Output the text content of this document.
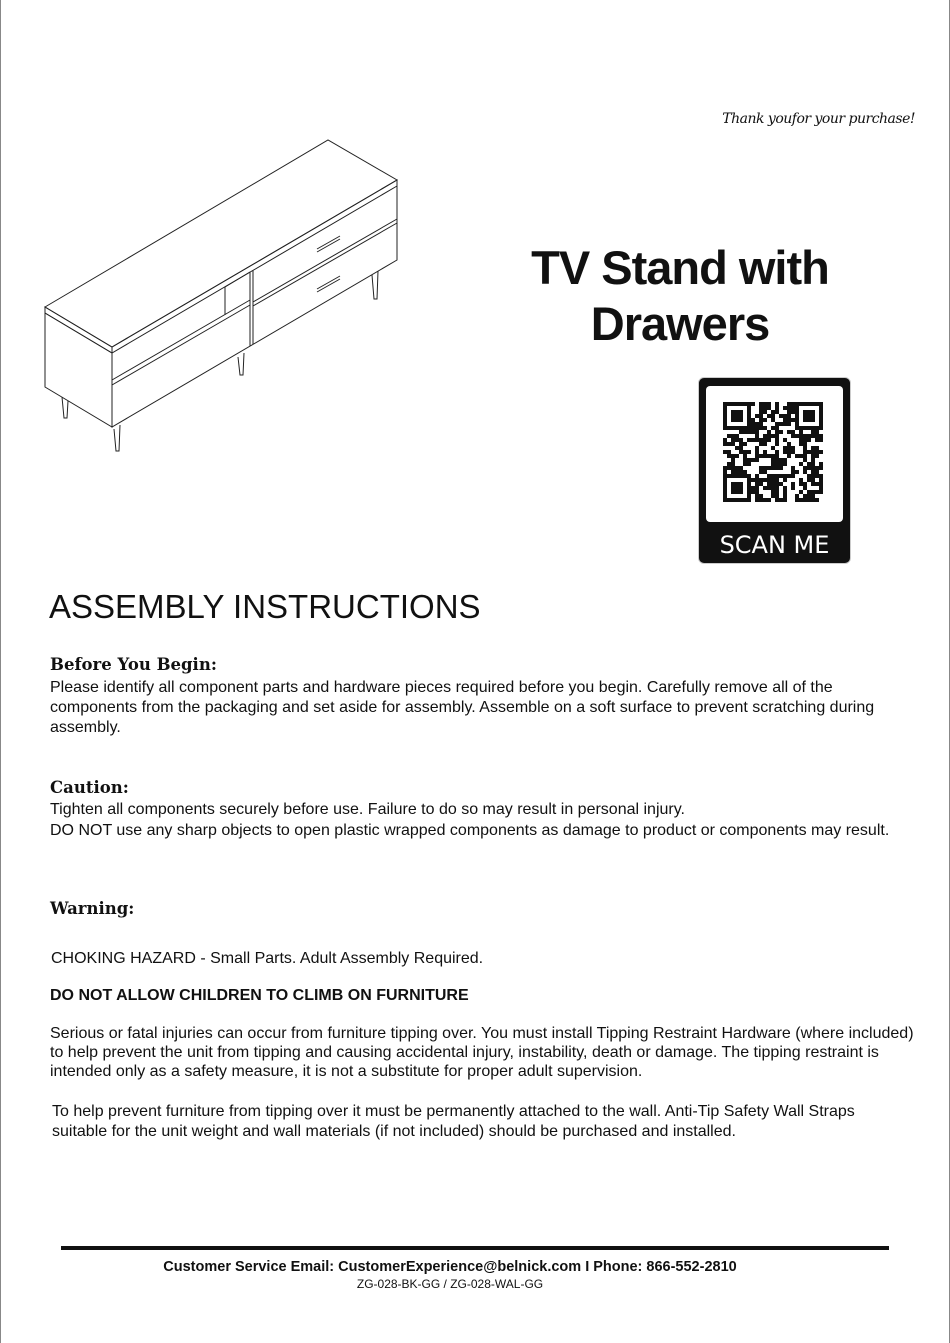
Thank youfor your purchase!
TV Stand with
Drawers
SCAN ME
ASSEMBLY INSTRUCTIONS
Before You Begin:
Please identify all component parts and hardware pieces required before you begin. Carefully remove all of the components from the packaging and set aside for assembly. Assemble on a soft surface to prevent scratching during assembly.
Caution:
Tighten all components securely before use. Failure to do so may result in personal injury.
DO NOT use any sharp objects to open plastic wrapped components as damage to product or components may result.
Warning:
CHOKING HAZARD - Small Parts. Adult Assembly Required.
DO NOT ALLOW CHILDREN TO CLIMB ON FURNITURE
Serious or fatal injuries can occur from furniture tipping over. You must install Tipping Restraint Hardware (where included) to help prevent the unit from tipping and causing accidental injury, instability, death or damage. The tipping restraint is intended only as a safety measure, it is not a substitute for proper adult supervision.
To help prevent furniture from tipping over it must be permanently attached to the wall. Anti-Tip Safety Wall Straps suitable for the unit weight and wall materials (if not included) should be purchased and installed.
Customer Service Email: CustomerExperience@belnick.com I Phone: 866-552-2810
ZG-028-BK-GG / ZG-028-WAL-GG
